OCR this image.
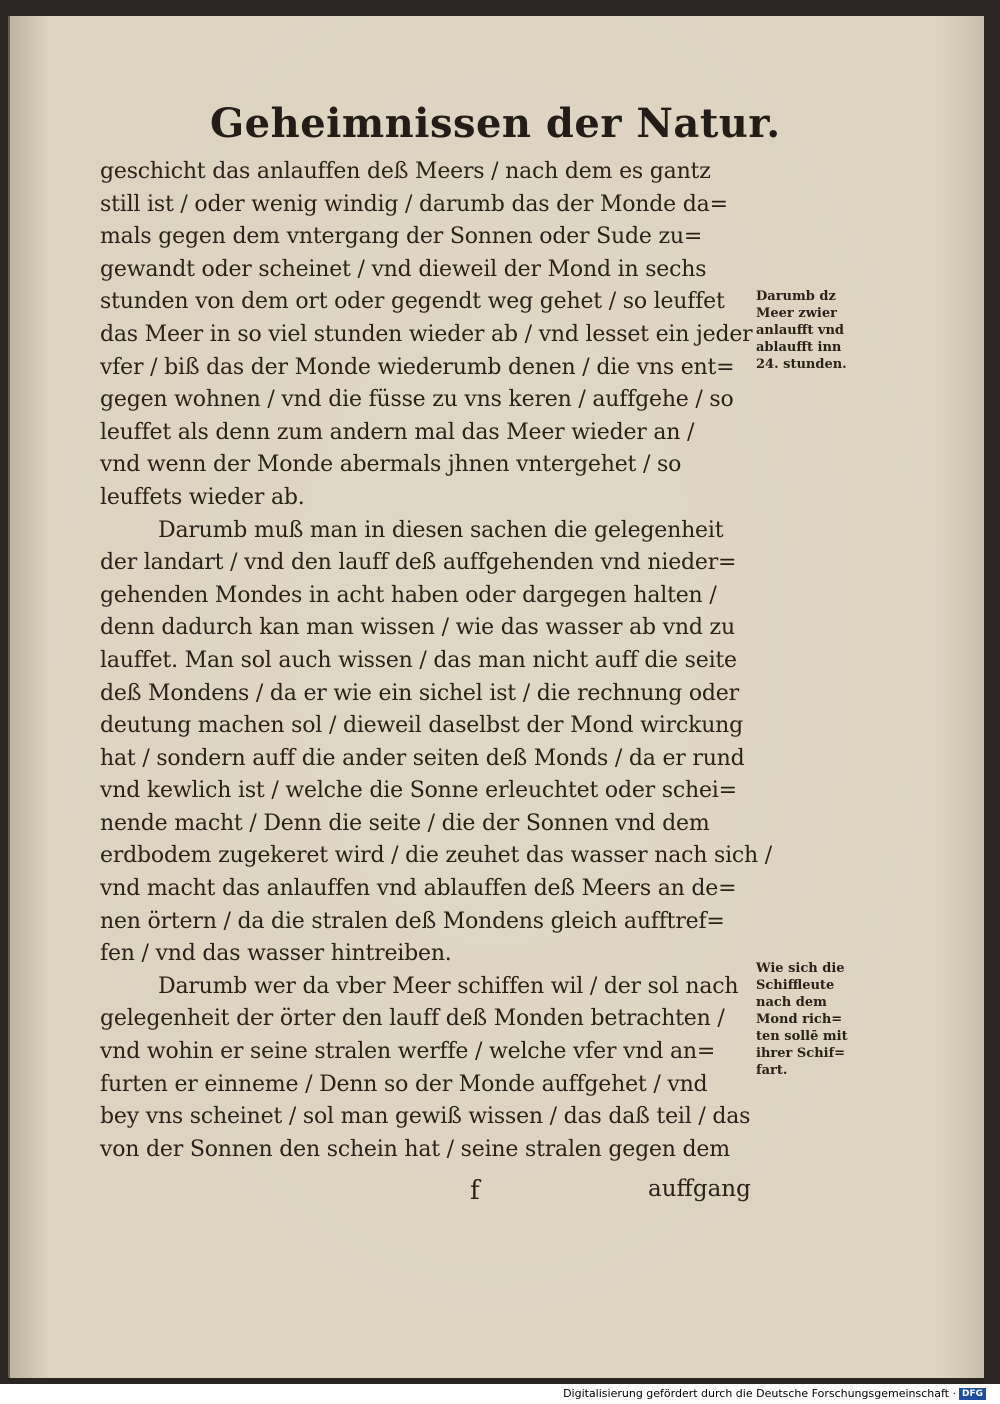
Geheimnissen der Natur.
geschicht das anlauffen deß Meers / nach dem es gantz
still ist / oder wenig windig / darumb das der Monde da=
mals gegen dem vntergang der Sonnen oder Sude zu=
gewandt oder scheinet / vnd dieweil der Mond in sechs
stunden von dem ort oder gegendt weg gehet / so leuffet
das Meer in so viel stunden wieder ab / vnd lesset ein jeder
vfer / biß das der Monde wiederumb denen / die vns ent=
gegen wohnen / vnd die füsse zu vns keren / auffgehe / so
leuffet als denn zum andern mal das Meer wieder an /
vnd wenn der Monde abermals jhnen vntergehet / so
leuffets wieder ab.
Darumb muß man in diesen sachen die gelegenheit
der landart / vnd den lauff deß auffgehenden vnd nieder=
gehenden Mondes in acht haben oder dargegen halten /
denn dadurch kan man wissen / wie das wasser ab vnd zu
lauffet. Man sol auch wissen / das man nicht auff die seite
deß Mondens / da er wie ein sichel ist / die rechnung oder
deutung machen sol / dieweil daselbst der Mond wirckung
hat / sondern auff die ander seiten deß Monds / da er rund
vnd kewlich ist / welche die Sonne erleuchtet oder schei=
nende macht / Denn die seite / die der Sonnen vnd dem
erdbodem zugekeret wird / die zeuhet das wasser nach sich /
vnd macht das anlauffen vnd ablauffen deß Meers an de=
nen örtern / da die stralen deß Mondens gleich aufftref=
fen / vnd das wasser hintreiben.
Darumb wer da vber Meer schiffen wil / der sol nach
gelegenheit der örter den lauff deß Monden betrachten /
vnd wohin er seine stralen werffe / welche vfer vnd an=
furten er einneme / Denn so der Monde auffgehet / vnd
bey vns scheinet / sol man gewiß wissen / das daß teil / das
von der Sonnen den schein hat / seine stralen gegen dem
Darumb dz
Meer zwier
anlaufft vnd
ablaufft inn
24. stunden.
Wie sich die
Schiffleute
nach dem
Mond rich=
ten sollē mit
ihrer Schif=
fart.
f	auffgang
Digitalisierung gefördert durch die Deutsche Forschungsgemeinschaft · DFG
